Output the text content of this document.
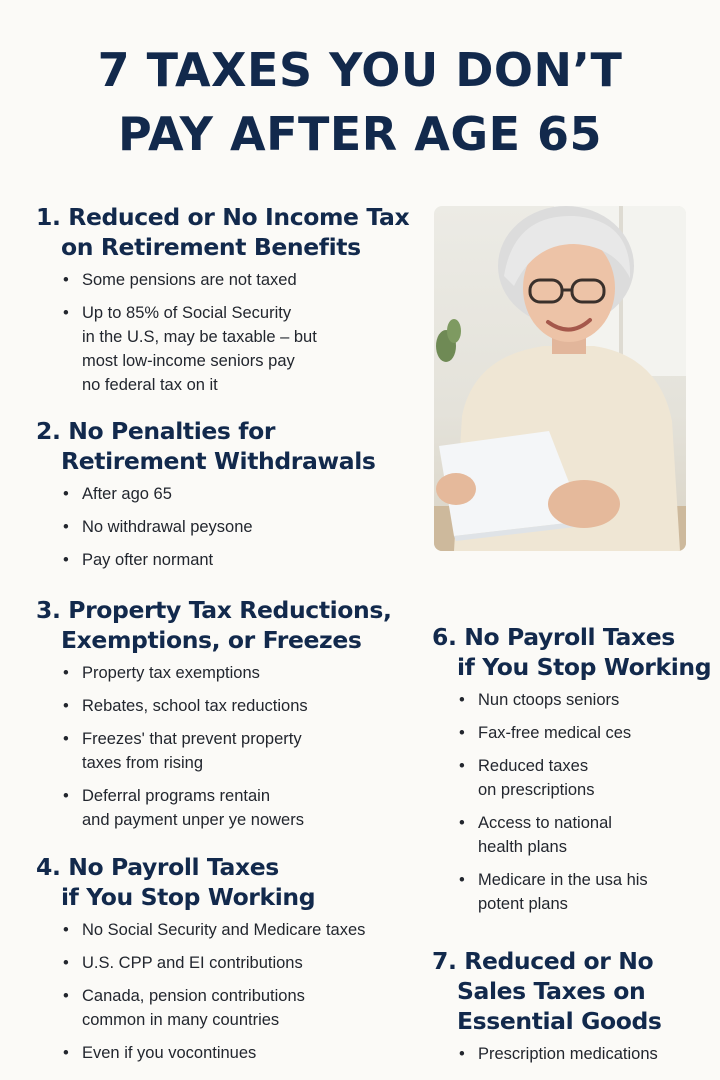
7 TAXES YOU DON’T
PAY AFTER AGE 65
1. Reduced or No Income Tax
on Retirement Benefits
• Some pensions are not taxed
• Up to 85% of Social Security
in the U.S, may be taxable – but
most low-income seniors pay
no federal tax on it
2. No Penalties for
Retirement Withdrawals
• After ago 65
• No withdrawal peysone
• Pay ofter normant
3. Property Tax Reductions,
Exemptions, or Freezes
• Property tax exemptions
• Rebates, school tax reductions
• Freezes' that prevent property
taxes from rising
• Deferral programs rentain
and payment unper ye nowers
4. No Payroll Taxes
if You Stop Working
• No Social Security and Medicare taxes
• U.S. CPP and EI contributions
• Canada, pension contributions
common in many countries
• Even if you vocontinues
6. No Payroll Taxes
if You Stop Working
• Nun ctoops seniors
• Fax-free medical ces
• Reduced taxes
on prescriptions
• Access to national
health plans
• Medicare in the usa his
potent plans
7. Reduced or No
Sales Taxes on
Essential Goods
• Prescription medications
